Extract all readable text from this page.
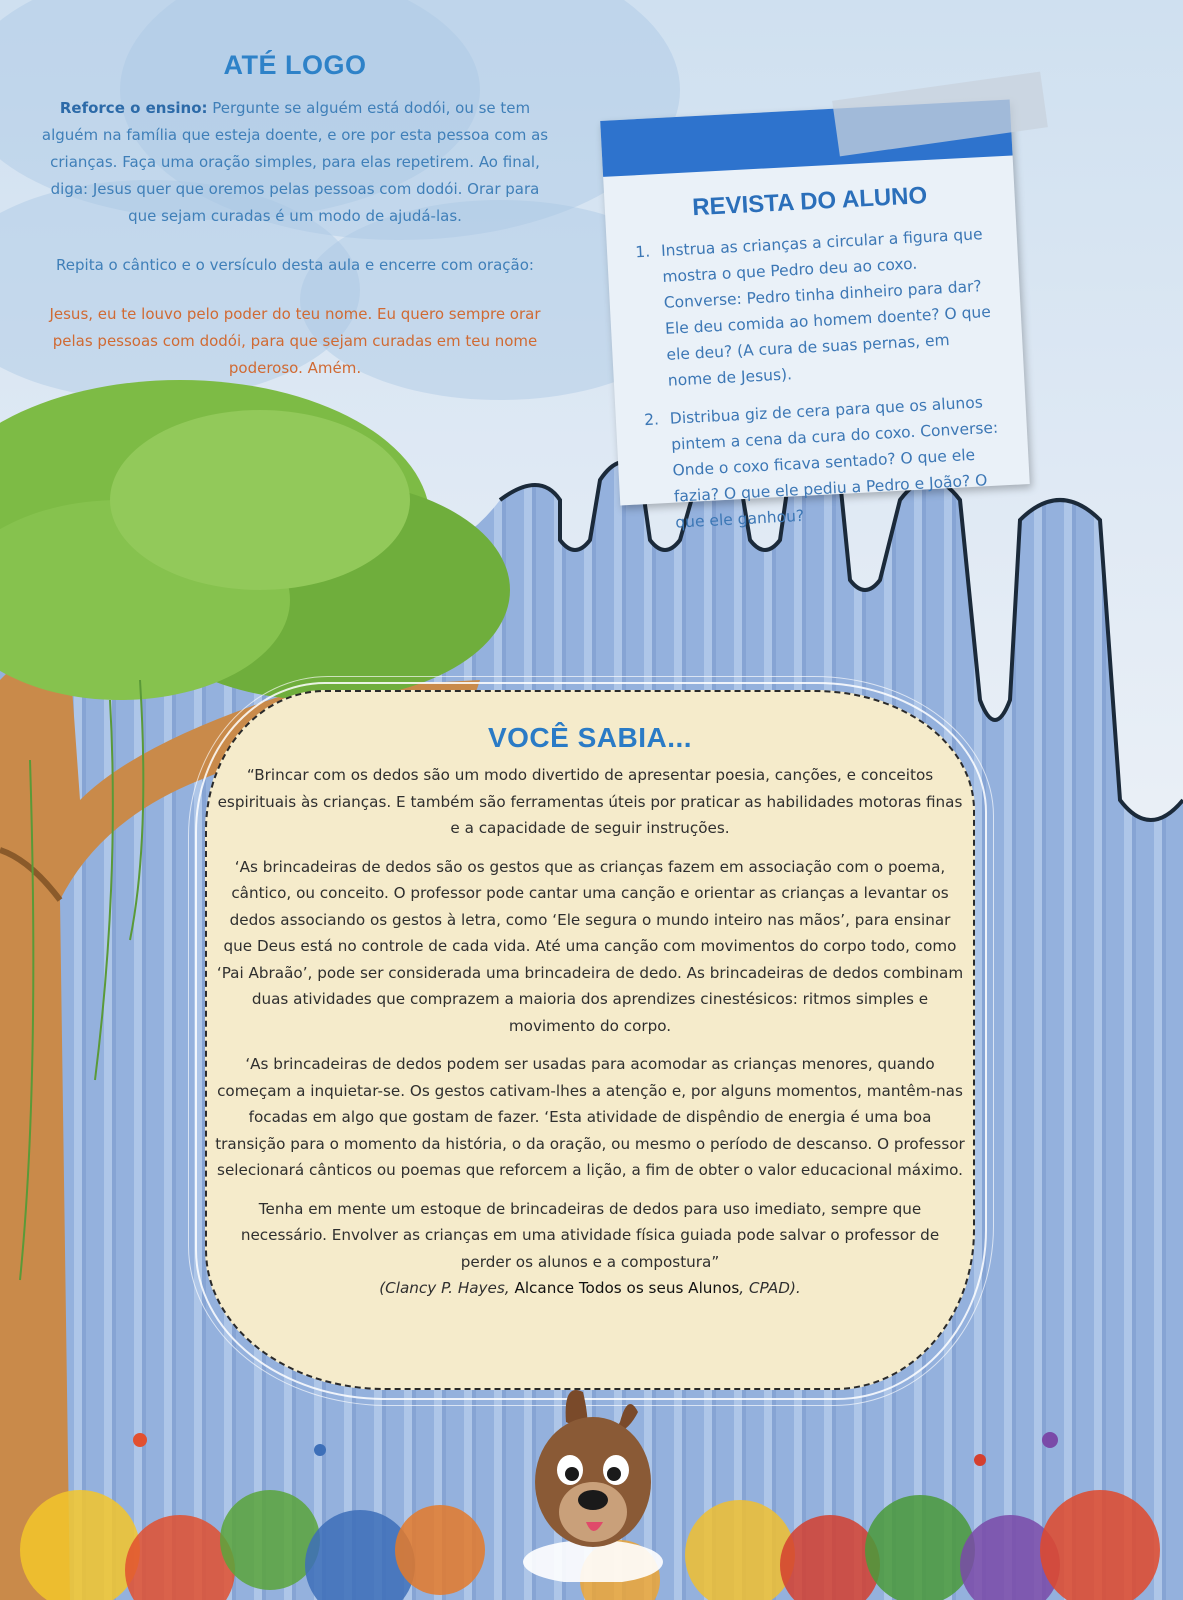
ATÉ LOGO

Reforce o ensino: Pergunte se alguém está dodói, ou se tem alguém na família que esteja doente, e ore por esta pessoa com as crianças. Faça uma oração simples, para elas repetirem. Ao final, diga: Jesus quer que oremos pelas pessoas com dodói. Orar para que sejam curadas é um modo de ajudá-las.

Repita o cântico e o versículo desta aula e encerre com oração:

Jesus, eu te louvo pelo poder do teu nome. Eu quero sempre orar pelas pessoas com dodói, para que sejam curadas em teu nome poderoso. Amém.

REVISTA DO ALUNO
1. Instrua as crianças a circular a figura que mostra o que Pedro deu ao coxo. Converse: Pedro tinha dinheiro para dar? Ele deu comida ao homem doente? O que ele deu? (A cura de suas pernas, em nome de Jesus).
2. Distribua giz de cera para que os alunos pintem a cena da cura do coxo. Converse: Onde o coxo ficava sentado? O que ele fazia? O que ele pediu a Pedro e João? O que ele ganhou?
VOCÊ SABIA...

“Brincar com os dedos são um modo divertido de apresentar poesia, canções, e conceitos espirituais às crianças. E também são ferramentas úteis por praticar as habilidades motoras finas e a capacidade de seguir instruções.

‘As brincadeiras de dedos são os gestos que as crianças fazem em associação com o poema, cântico, ou conceito. O professor pode cantar uma canção e orientar as crianças a levantar os dedos associando os gestos à letra, como ‘Ele segura o mundo inteiro nas mãos’, para ensinar que Deus está no controle de cada vida. Até uma canção com movimentos do corpo todo, como ‘Pai Abraão’, pode ser considerada uma brincadeira de dedo. As brincadeiras de dedos combinam duas atividades que comprazem a maioria dos aprendizes cinestésicos: ritmos simples e movimento do corpo.

‘As brincadeiras de dedos podem ser usadas para acomodar as crianças menores, quando começam a inquietar-se. Os gestos cativam-lhes a atenção e, por alguns momentos, mantêm-nas focadas em algo que gostam de fazer. ‘Esta atividade de dispêndio de energia é uma boa transição para o momento da história, o da oração, ou mesmo o período de descanso. O professor selecionará cânticos ou poemas que reforcem a lição, a fim de obter o valor educacional máximo.

Tenha em mente um estoque de brincadeiras de dedos para uso imediato, sempre que necessário. Envolver as crianças em uma atividade física guiada pode salvar o professor de perder os alunos e a compostura”

(Clancy P. Hayes, Alcance Todos os seus Alunos, CPAD).
